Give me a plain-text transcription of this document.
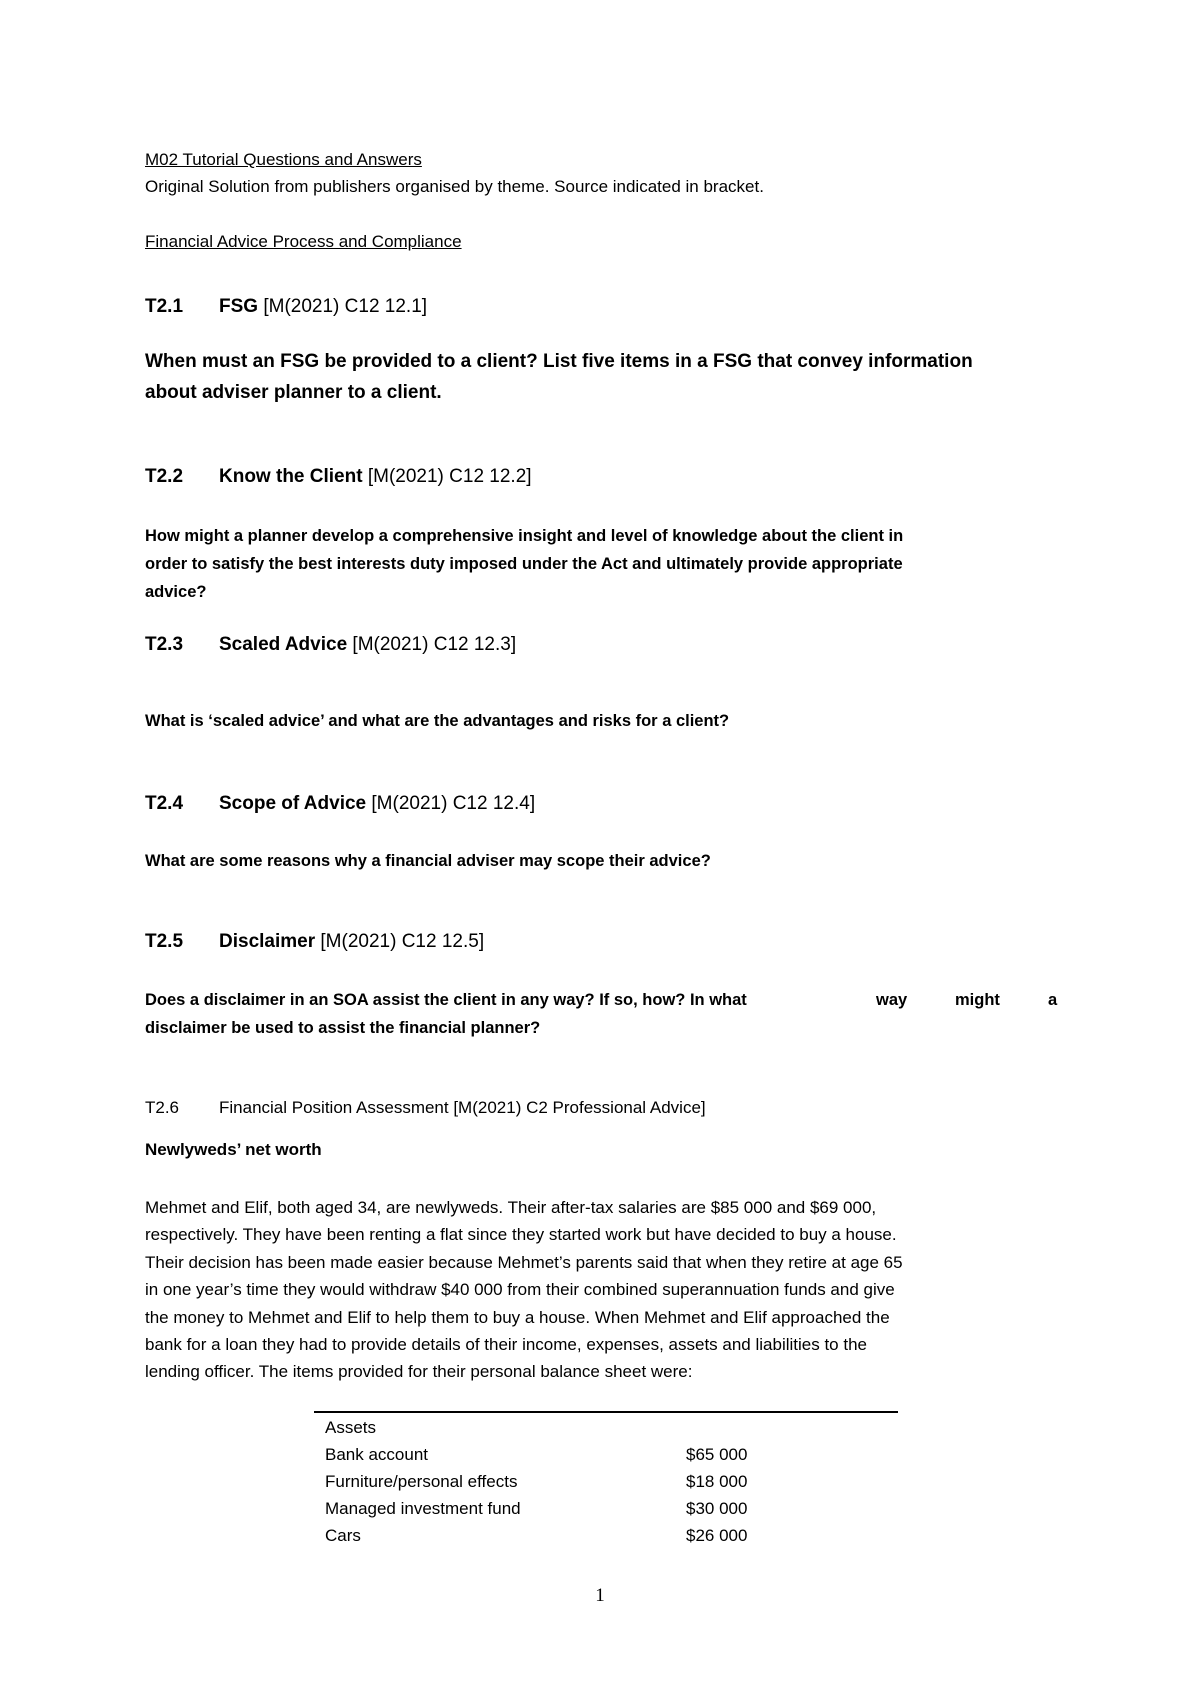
M02 Tutorial Questions and Answers
Original Solution from publishers organised by theme. Source indicated in bracket.
Financial Advice Process and Compliance
T2.1 FSG [M(2021) C12 12.1]
When must an FSG be provided to a client? List five items in a FSG that convey information
about adviser planner to a client.
T2.2 Know the Client [M(2021) C12 12.2]
How might a planner develop a comprehensive insight and level of knowledge about the client in
order to satisfy the best interests duty imposed under the Act and ultimately provide appropriate
advice?
T2.3 Scaled Advice [M(2021) C12 12.3]
What is ‘scaled advice’ and what are the advantages and risks for a client?
T2.4 Scope of Advice [M(2021) C12 12.4]
What are some reasons why a financial adviser may scope their advice?
T2.5 Disclaimer [M(2021) C12 12.5]
Does a disclaimer in an SOA assist the client in any way? If so, how? In what	way	might	a
disclaimer be used to assist the financial planner?
T2.6 Financial Position Assessment [M(2021) C2 Professional Advice]
Newlyweds’ net worth
Mehmet and Elif, both aged 34, are newlyweds. Their after-tax salaries are $85 000 and $69 000,
respectively. They have been renting a flat since they started work but have decided to buy a house.
Their decision has been made easier because Mehmet’s parents said that when they retire at age 65
in one year’s time they would withdraw $40 000 from their combined superannuation funds and give
the money to Mehmet and Elif to help them to buy a house. When Mehmet and Elif approached the
bank for a loan they had to provide details of their income, expenses, assets and liabilities to the
lending officer. The items provided for their personal balance sheet were:
Assets
Bank account	$65 000
Furniture/personal effects	$18 000
Managed investment fund	$30 000
Cars	$26 000
1
